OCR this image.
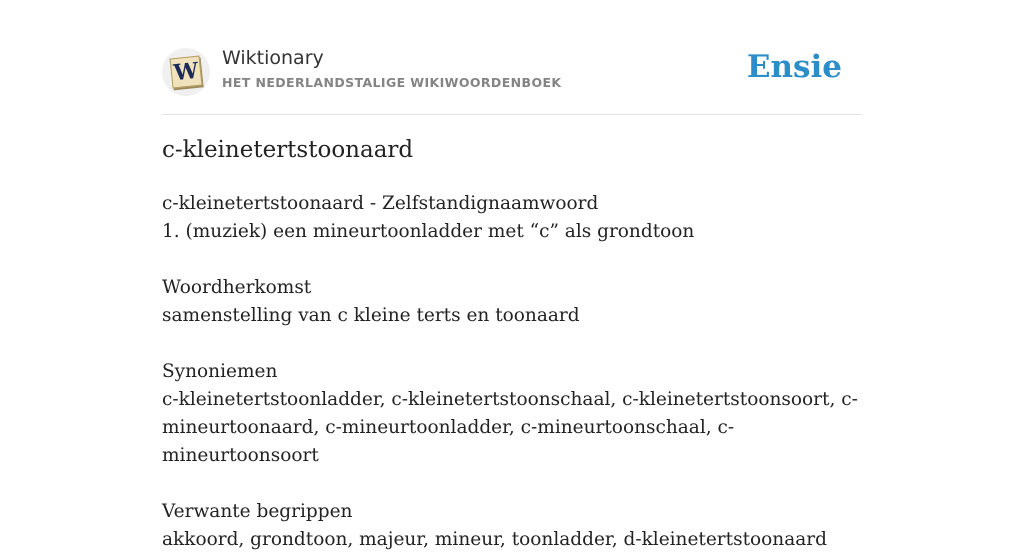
W Wiktionary
HET NEDERLANDSTALIGE WIKIWOORDENBOEK	Ensie
c-kleinetertstoonaard
c-kleinetertstoonaard - Zelfstandignaamwoord
1. (muziek) een mineurtoonladder met “c” als grondtoon
Woordherkomst
samenstelling van c kleine terts en toonaard
Synoniemen
c-kleinetertstoonladder, c-kleinetertstoonschaal, c-kleinetertstoonsoort, c-mineurtoonaard, c-mineurtoonladder, c-mineurtoonschaal, c-mineurtoonsoort
Verwante begrippen
akkoord, grondtoon, majeur, mineur, toonladder, d-kleinetertstoonaard
